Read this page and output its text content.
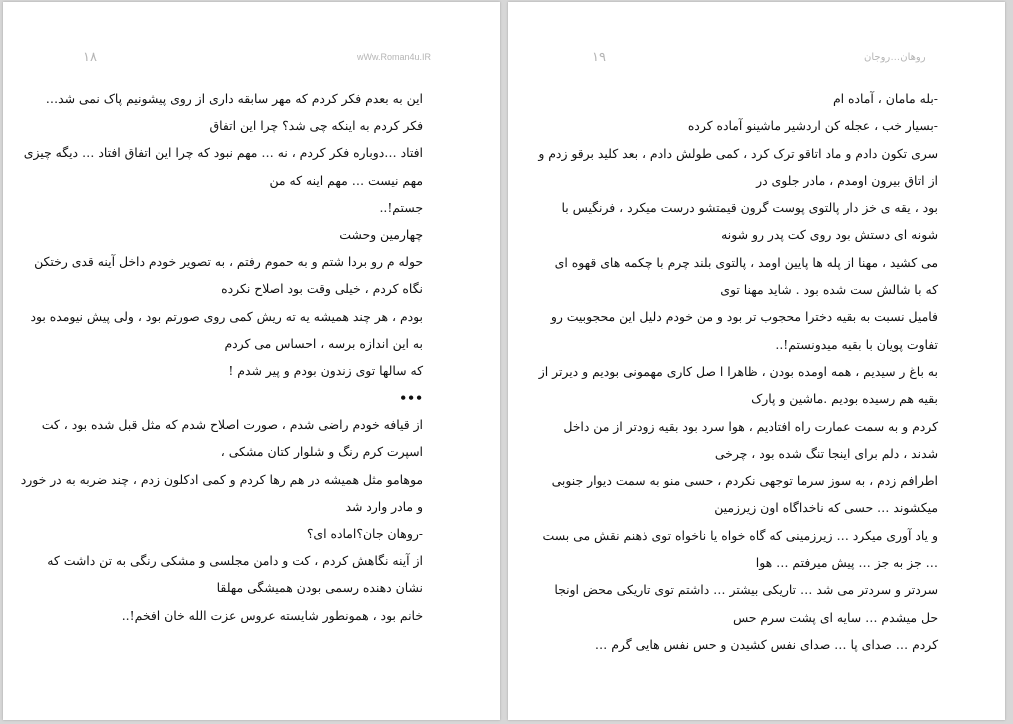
۱۸	wWw.Roman4u.IR
این به بعدم فکر کردم که مهر سابقه داری از روی پیشونیم پاک نمی شد…
فکر کردم به اینکه چی شد؟ چرا این اتفاق
افتاد …دوباره فکر کردم ، نه … مهم نبود که چرا این اتفاق افتاد … دیگه چیزی
مهم نیست … مهم اینه که من
جستم!..
چهارمین وحشت
حوله م رو بردا شتم و به حموم رفتم ، به تصویر خودم داخل آینه قدی رختکن
نگاه کردم ، خیلی وقت بود اصلاح نکرده
بودم ، هر چند همیشه یه ته ریش کمی روی صورتم بود ، ولی پیش نیومده بود
به این اندازه برسه ، احساس می کردم
که سالها توی زندون بودم و پیر شدم !
•••
از قیافه خودم راضی شدم ، صورت اصلاح شدم که مثل قبل شده بود ، کت
اسپرت کرم رنگ و شلوار کتان مشکی ،
موهامو مثل همیشه در هم رها کردم و کمی ادکلون زدم ، چند ضربه به در خورد
و مادر وارد شد
-روهان جان؟اماده ای؟
از آینه نگاهش کردم ، کت و دامن مجلسی و مشکی رنگی به تن داشت که
نشان دهنده رسمی بودن همیشگی مهلقا
خانم بود ، همونطور شایسته عروس عزت الله خان افخم!..
۱۹	روهان…روجان
-بله مامان ، آماده ام
-بسیار خب ، عجله کن اردشیر ماشینو آماده کرده
سری تکون دادم و ماد اتاقو ترک کرد ، کمی طولش دادم ، بعد کلید برقو زدم و
از اتاق بیرون اومدم ، مادر جلوی در
بود ، یقه ی خز دار پالتوی پوست گرون قیمتشو درست میکرد ، فرنگیس با
شونه ای دستش بود روی کت پدر رو شونه
می کشید ، مهنا از پله ها پایین اومد ، پالتوی بلند چرم با چکمه های قهوه ای
که با شالش ست شده بود . شاید مهنا توی
فامیل نسبت به بقیه دخترا محجوب تر بود و من خودم دلیل این محجوبیت رو
تفاوت پویان با بقیه میدونستم!..
به باغ ر سیدیم ، همه اومده بودن ، ظاهرا ا صل کاری مهمونی بودیم و دیرتر از
بقیه هم رسیده بودیم .ماشین و پارک
کردم و به سمت عمارت راه افتادیم ، هوا سرد بود بقیه زودتر از من داخل
شدند ، دلم برای اینجا تنگ شده بود ، چرخی
اطرافم زدم ، به سوز سرما توجهی نکردم ، حسی منو به سمت دیوار جنوبی
میکشوند … حسی که ناخداگاه اون زیرزمین
و یاد آوری میکرد … زیرزمینی که گاه خواه یا ناخواه توی ذهنم نقش می بست
… جز به جز … پیش میرفتم … هوا
سردتر و سردتر می شد … تاریکی بیشتر … داشتم توی تاریکی محض اونجا
حل میشدم … سایه ای پشت سرم حس
کردم … صدای پا … صدای نفس کشیدن و حس نفس هایی گرم …
